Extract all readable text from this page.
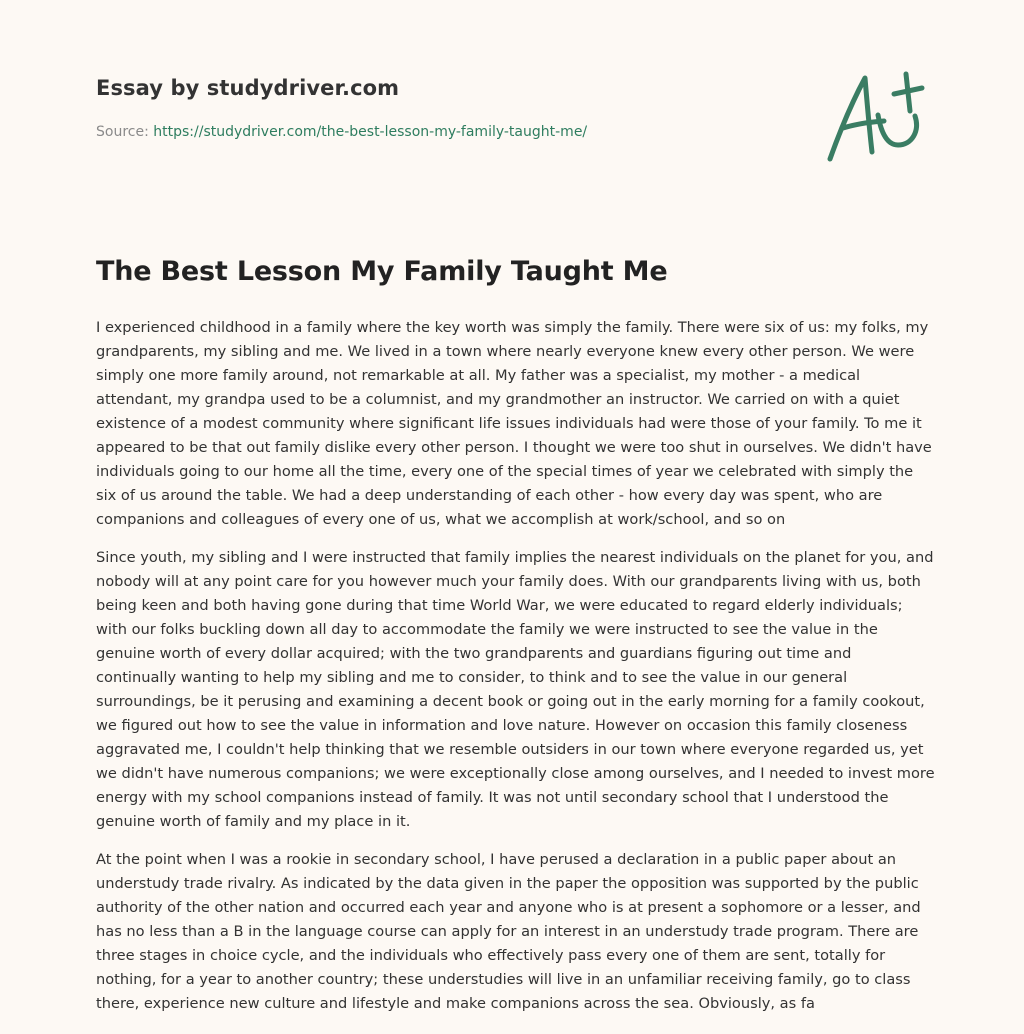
Essay by studydriver.com
Source: https://studydriver.com/the-best-lesson-my-family-taught-me/
The Best Lesson My Family Taught Me

I experienced childhood in a family where the key worth was simply the family. There were six of us: my folks, my grandparents, my sibling and me. We lived in a town where nearly everyone knew every other person. We were simply one more family around, not remarkable at all. My father was a specialist, my mother - a medical attendant, my grandpa used to be a columnist, and my grandmother an instructor. We carried on with a quiet existence of a modest community where significant life issues individuals had were those of your family. To me it appeared to be that out family dislike every other person. I thought we were too shut in ourselves. We didn't have individuals going to our home all the time, every one of the special times of year we celebrated with simply the six of us around the table. We had a deep understanding of each other - how every day was spent, who are companions and colleagues of every one of us, what we accomplish at work/school, and so on

Since youth, my sibling and I were instructed that family implies the nearest individuals on the planet for you, and nobody will at any point care for you however much your family does. With our grandparents living with us, both being keen and both having gone during that time World War, we were educated to regard elderly individuals; with our folks buckling down all day to accommodate the family we were instructed to see the value in the genuine worth of every dollar acquired; with the two grandparents and guardians figuring out time and continually wanting to help my sibling and me to consider, to think and to see the value in our general surroundings, be it perusing and examining a decent book or going out in the early morning for a family cookout, we figured out how to see the value in information and love nature. However on occasion this family closeness aggravated me, I couldn't help thinking that we resemble outsiders in our town where everyone regarded us, yet we didn't have numerous companions; we were exceptionally close among ourselves, and I needed to invest more energy with my school companions instead of family. It was not until secondary school that I understood the genuine worth of family and my place in it.

At the point when I was a rookie in secondary school, I have perused a declaration in a public paper about an understudy trade rivalry. As indicated by the data given in the paper the opposition was supported by the public authority of the other nation and occurred each year and anyone who is at present a sophomore or a lesser, and has no less than a B in the language course can apply for an interest in an understudy trade program. There are three stages in choice cycle, and the individuals who effectively pass every one of them are sent, totally for nothing, for a year to another country; these understudies will live in an unfamiliar receiving family, go to class there, experience new culture and lifestyle and make companions across the sea. Obviously, as fa
